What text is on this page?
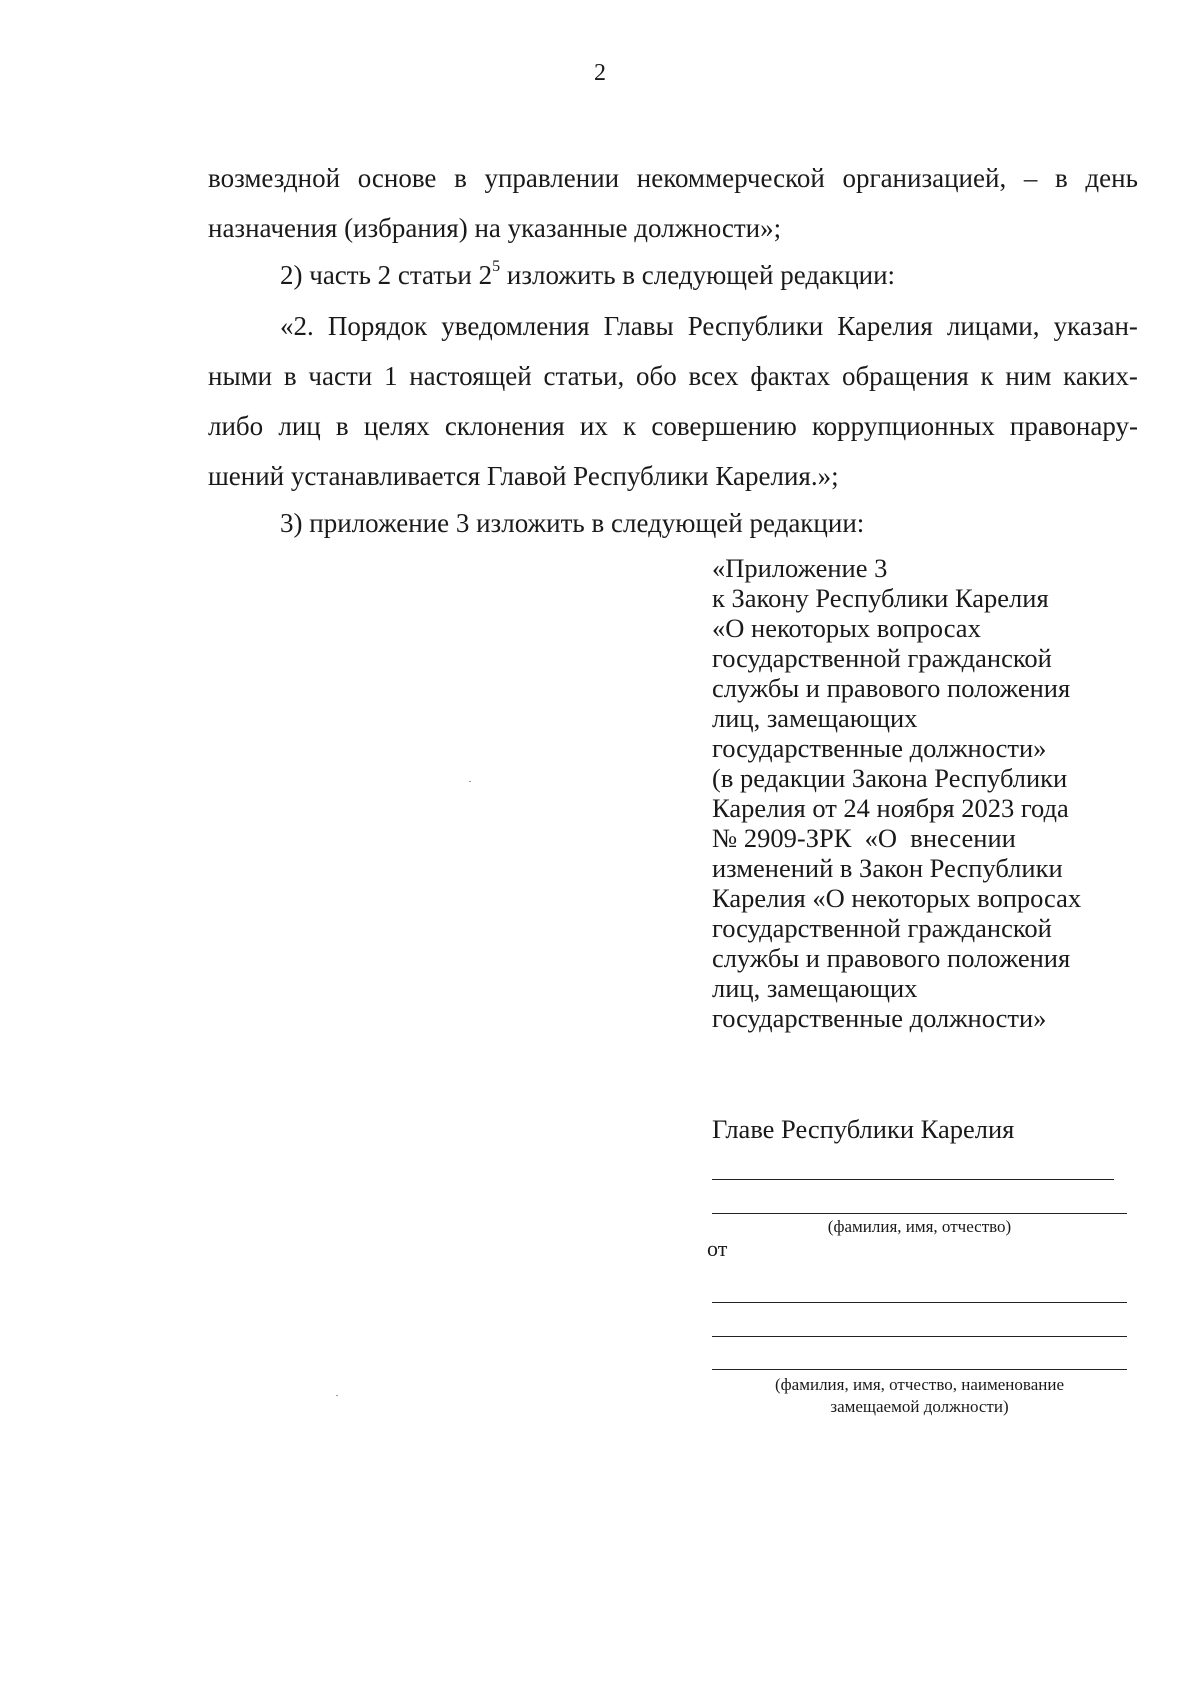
2
возмездной основе в управлении некоммерческой организацией, – в день
назначения (избрания) на указанные должности»;
2) часть 2 статьи $2^5$ изложить в следующей редакции:
«2. Порядок уведомления Главы Республики Карелия лицами, указан-
ными в части 1 настоящей статьи, обо всех фактах обращения к ним каких-
либо лиц в целях склонения их к совершению коррупционных правонару-
шений устанавливается Главой Республики Карелия.»;
3) приложение 3 изложить в следующей редакции:
«Приложение 3
к Закону Республики Карелия
«О некоторых вопросах
государственной гражданской
службы и правового положения
лиц, замещающих
государственные должности»
(в редакции Закона Республики
Карелия от 24 ноября 2023 года
№ 2909-ЗРК  «О  внесении
изменений в Закон Республики
Карелия «О некоторых вопросах
государственной гражданской
службы и правового положения
лиц, замещающих
государственные должности»
Главе Республики Карелия
(фамилия, имя, отчество)
от
(фамилия, имя, отчество, наименование
замещаемой должности)
